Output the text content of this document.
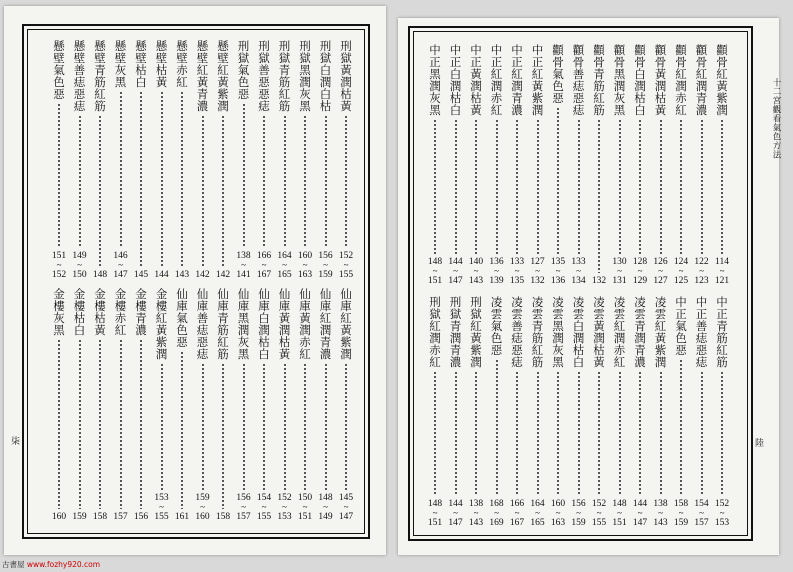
刑獄黃潤枯黃
152
~
155
仙庫紅黃紫潤
145
~
147
刑獄白潤白枯
156
~
159
仙庫紅潤青濃
148
~
149
刑獄黑潤灰黑
160
~
163
仙庫黃潤赤紅
150
~
151
刑獄青筋紅筋
164
~
165
仙庫黃潤枯黃
152
~
153
刑獄善惡惡痣
166
~
167
仙庫白潤枯白
154
~
155
刑獄氣色惡
138
~
141
仙庫黑潤灰黑
156
~
157
懸壁紅黃紫潤
142
仙庫青筋紅筋
158
懸壁紅黃青濃
142
仙庫善痣惡痣
159
~
160
懸壁赤紅
143
仙庫氣色惡
161
懸壁枯黃
144
金樓紅黃紫潤
153
~
155
懸壁枯白
145
金樓青濃
156
懸壁灰黑
146
~
147
金樓赤紅
157
懸壁青筋紅筋
148
金樓枯黃
158
懸壁善痣惡痣
149
~
150
金樓枯白
159
懸壁氣色惡
151
~
152
金樓灰黑
160
柒
顴骨紅黃紫潤
114
~
121
中正青筋紅筋
152
~
153
顴骨紅潤青濃
122
~
123
中正善痣惡痣
154
~
157
顴骨紅潤赤紅
124
~
125
中正氣色惡
158
~
159
顴骨黃潤枯黃
126
~
127
凌雲紅黃紫潤
138
~
143
顴骨白潤枯白
128
~
129
凌雲青潤青濃
144
~
147
顴骨黑潤灰黑
130
~
131
凌雲紅潤赤紅
148
~
151
顴骨青筋紅筋
132
凌雲黃潤枯黃
152
~
155
顴骨善痣惡痣
133
~
134
凌雲白潤枯白
156
~
159
顴骨氣色惡
135
~
136
凌雲黑潤灰黑
160
~
163
中正紅黃紫潤
127
~
132
凌雲青筋紅筋
164
~
165
中正紅潤青濃
133
~
135
凌雲善痣惡痣
166
~
167
中正紅潤赤紅
136
~
139
凌雲氣色惡
168
~
169
中正黃潤枯黃
140
~
143
刑獄紅黃紫潤
138
~
143
中正白潤枯白
144
~
147
刑獄青潤青濃
144
~
147
中正黑潤灰黑
148
~
151
刑獄紅潤赤紅
148
~
151
十二宮觀看氣色方法
陸
古書屋 www.fozhy920.com
